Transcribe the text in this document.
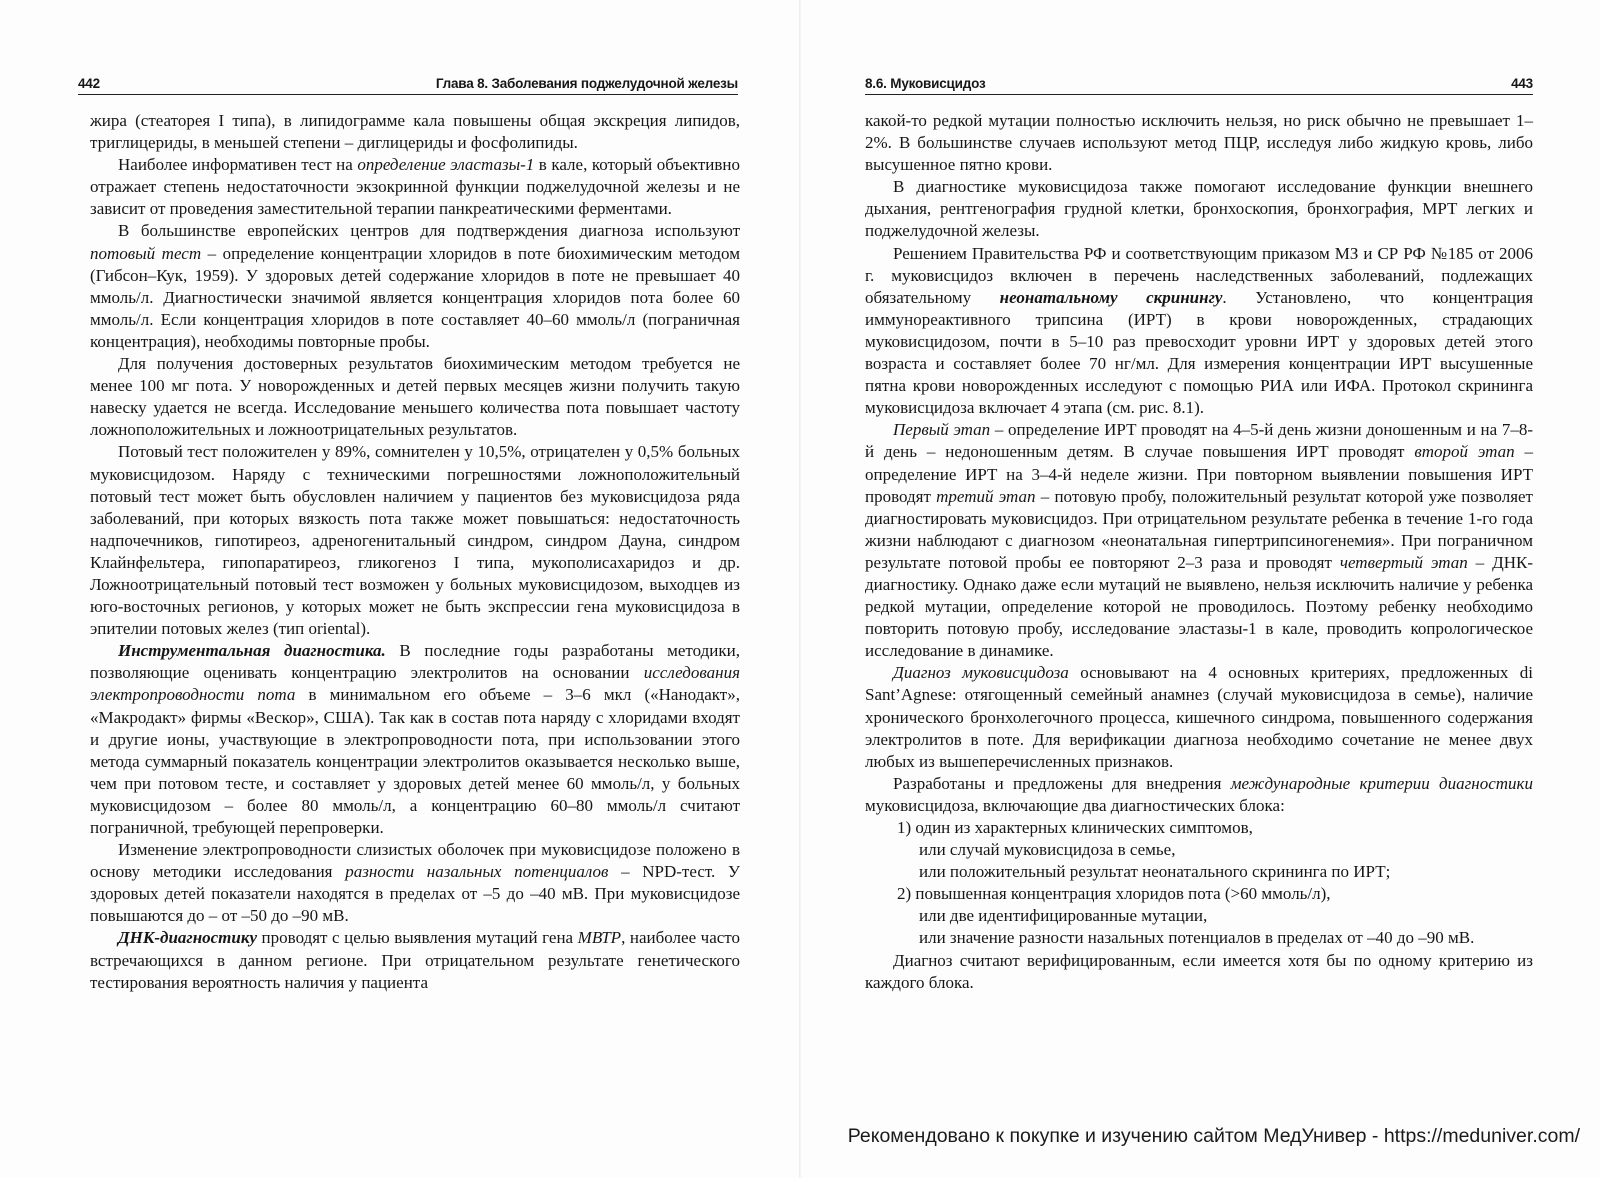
442	Глава 8. Заболевания поджелудочной железы

жира (стеаторея I типа), в липидограмме кала повышены общая экскреция липидов, триглицериды, в меньшей степени – диглицериды и фосфолипиды.

Наиболее информативен тест на определение эластазы-1 в кале, который объективно отражает степень недостаточности экзокринной функции поджелудочной железы и не зависит от проведения заместительной терапии панкреатическими ферментами.

В большинстве европейских центров для подтверждения диагноза используют потовый тест – определение концентрации хлоридов в поте биохимическим методом (Гибсон–Кук, 1959). У здоровых детей содержание хлоридов в поте не превышает 40 ммоль/л. Диагностически значимой является концентрация хлоридов пота более 60 ммоль/л. Если концентрация хлоридов в поте составляет 40–60 ммоль/л (пограничная концентрация), необходимы повторные пробы.

Для получения достоверных результатов биохимическим методом требуется не менее 100 мг пота. У новорожденных и детей первых месяцев жизни получить такую навеску удается не всегда. Исследование меньшего количества пота повышает частоту ложноположительных и ложноотрицательных результатов.

Потовый тест положителен у 89%, сомнителен у 10,5%, отрицателен у 0,5% больных муковисцидозом. Наряду с техническими погрешностями ложноположительный потовый тест может быть обусловлен наличием у пациентов без муковисцидоза ряда заболеваний, при которых вязкость пота также может повышаться: недостаточность надпочечников, гипотиреоз, адреногенитальный синдром, синдром Дауна, синдром Клайнфельтера, гипопаратиреоз, гликогеноз I типа, мукополисахаридоз и др. Ложноотрицательный потовый тест возможен у больных муковисцидозом, выходцев из юго-восточных регионов, у которых может не быть экспрессии гена муковисцидоза в эпителии потовых желез (тип oriental).

Инструментальная диагностика. В последние годы разработаны методики, позволяющие оценивать концентрацию электролитов на основании исследования электропроводности пота в минимальном его объеме – 3–6 мкл («Нанодакт», «Макродакт» фирмы «Вескор», США). Так как в состав пота наряду с хлоридами входят и другие ионы, участвующие в электропроводности пота, при использовании этого метода суммарный показатель концентрации электролитов оказывается несколько выше, чем при потовом тесте, и составляет у здоровых детей менее 60 ммоль/л, у больных муковисцидозом – более 80 ммоль/л, а концентрацию 60–80 ммоль/л считают пограничной, требующей перепроверки.

Изменение электропроводности слизистых оболочек при муковисцидозе положено в основу методики исследования разности назальных потенциалов – NPD-тест. У здоровых детей показатели находятся в пределах от –5 до –40 мВ. При муковисцидозе повышаются до – от –50 до –90 мВ.

ДНК-диагностику проводят с целью выявления мутаций гена МВТР, наиболее часто встречающихся в данном регионе. При отрицательном результате генетического тестирования вероятность наличия у пациента

8.6. Муковисцидоз	443

какой-то редкой мутации полностью исключить нельзя, но риск обычно не превышает 1–2%. В большинстве случаев используют метод ПЦР, исследуя либо жидкую кровь, либо высушенное пятно крови.

В диагностике муковисцидоза также помогают исследование функции внешнего дыхания, рентгенография грудной клетки, бронхоскопия, бронхография, МРТ легких и поджелудочной железы.

Решением Правительства РФ и соответствующим приказом МЗ и СР РФ №185 от 2006 г. муковисцидоз включен в перечень наследственных заболеваний, подлежащих обязательному неонатальному скринингу. Установлено, что концентрация иммунореактивного трипсина (ИРТ) в крови новорожденных, страдающих муковисцидозом, почти в 5–10 раз превосходит уровни ИРТ у здоровых детей этого возраста и составляет более 70 нг/мл. Для измерения концентрации ИРТ высушенные пятна крови новорожденных исследуют с помощью РИА или ИФА. Протокол скрининга муковисцидоза включает 4 этапа (см. рис. 8.1).

Первый этап – определение ИРТ проводят на 4–5-й день жизни доношенным и на 7–8-й день – недоношенным детям. В случае повышения ИРТ проводят второй этап – определение ИРТ на 3–4-й неделе жизни. При повторном выявлении повышения ИРТ проводят третий этап – потовую пробу, положительный результат которой уже позволяет диагностировать муковисцидоз. При отрицательном результате ребенка в течение 1-го года жизни наблюдают с диагнозом «неонатальная гипертрипсиногенемия». При пограничном результате потовой пробы ее повторяют 2–3 раза и проводят четвертый этап – ДНК-диагностику. Однако даже если мутаций не выявлено, нельзя исключить наличие у ребенка редкой мутации, определение которой не проводилось. Поэтому ребенку необходимо повторить потовую пробу, исследование эластазы-1 в кале, проводить копрологическое исследование в динамике.

Диагноз муковисцидоза основывают на 4 основных критериях, предложенных di Sant’Agnese: отягощенный семейный анамнез (случай муковисцидоза в семье), наличие хронического бронхолегочного процесса, кишечного синдрома, повышенного содержания электролитов в поте. Для верификации диагноза необходимо сочетание не менее двух любых из вышеперечисленных признаков.

Разработаны и предложены для внедрения международные критерии диагностики муковисцидоза, включающие два диагностических блока:

1) один из характерных клинических симптомов,
или случай муковисцидоза в семье,
или положительный результат неонатального скрининга по ИРТ;
2) повышенная концентрация хлоридов пота (>60 ммоль/л),
или две идентифицированные мутации,
или значение разности назальных потенциалов в пределах от –40 до –90 мВ.

Диагноз считают верифицированным, если имеется хотя бы по одному критерию из каждого блока.

Рекомендовано к покупке и изучению сайтом МедУнивер - https://meduniver.com/
